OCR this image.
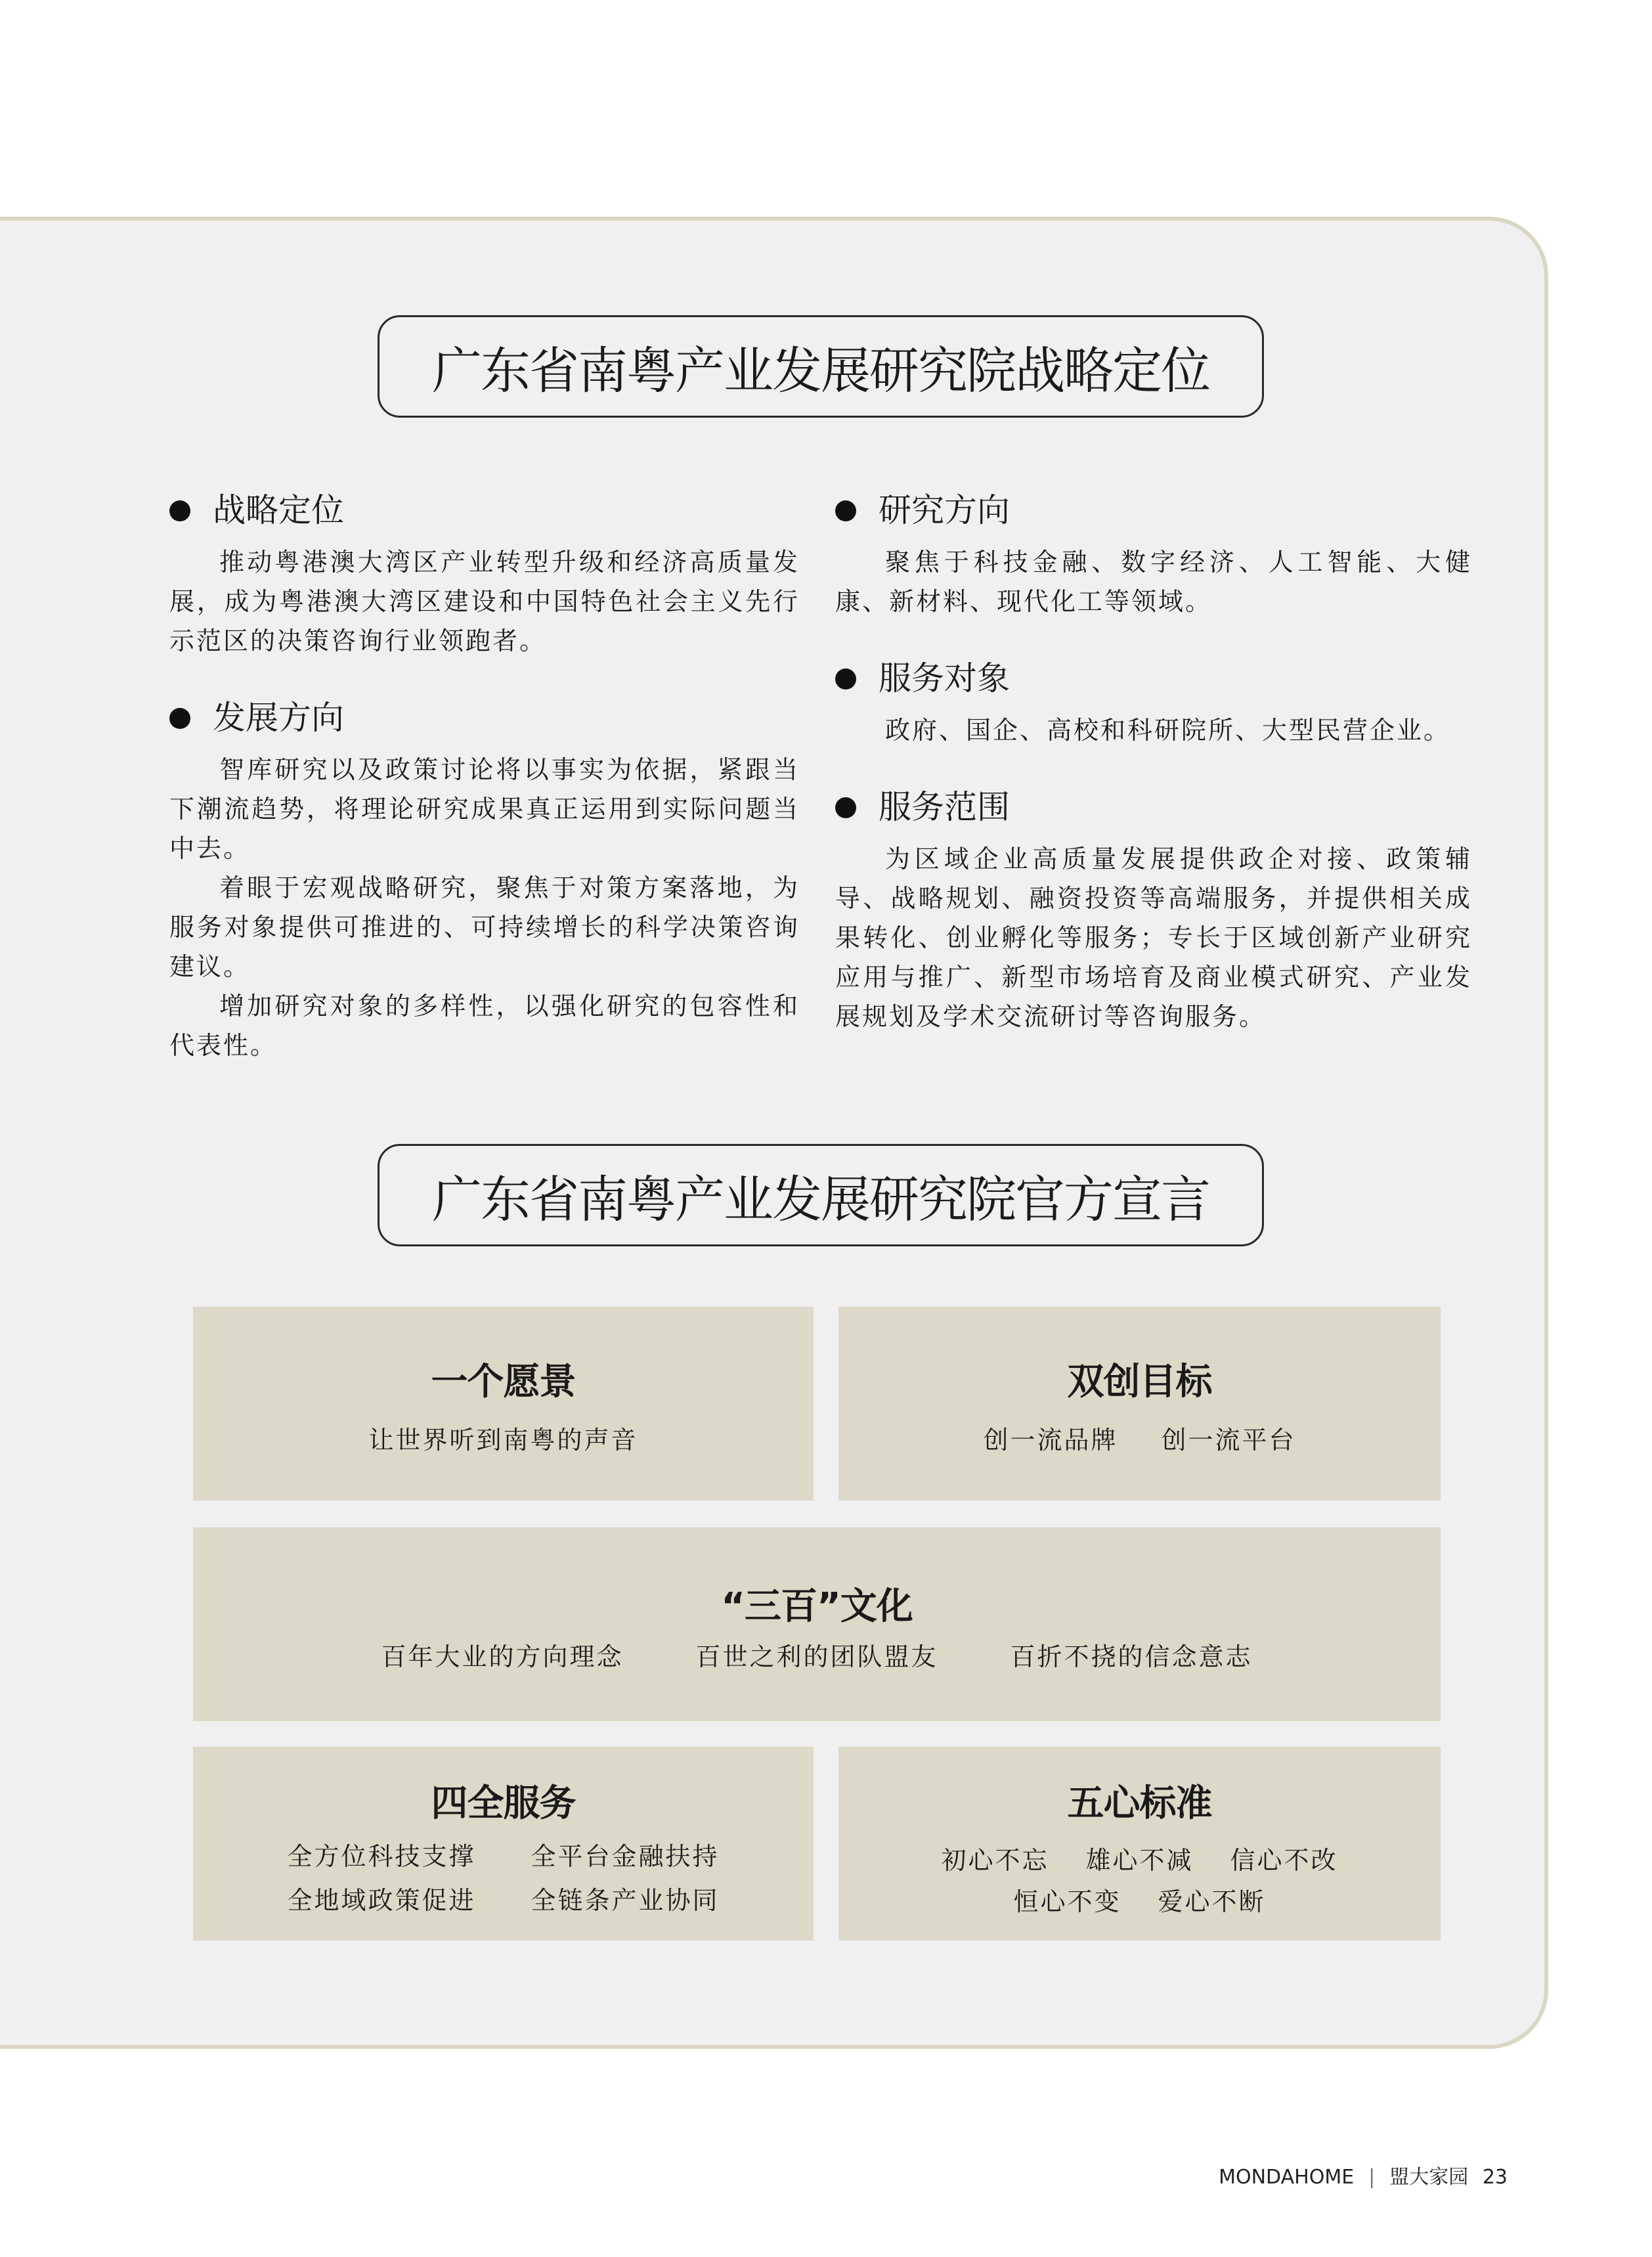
广东省南粤产业发展研究院战略定位
战略定位

推动粤港澳大湾区产业转型升级和经济高质量发展，成为粤港澳大湾区建设和中国特色社会主义先行示范区的决策咨询行业领跑者。

发展方向

智库研究以及政策讨论将以事实为依据，紧跟当下潮流趋势，将理论研究成果真正运用到实际问题当中去。

着眼于宏观战略研究，聚焦于对策方案落地，为服务对象提供可推进的、可持续增长的科学决策咨询建议。

增加研究对象的多样性，以强化研究的包容性和代表性。

研究方向

聚焦于科技金融、数字经济、人工智能、大健康、新材料、现代化工等领域。

服务对象

政府、国企、高校和科研院所、大型民营企业。

服务范围

为区域企业高质量发展提供政企对接、政策辅导、战略规划、融资投资等高端服务，并提供相关成果转化、创业孵化等服务；专长于区域创新产业研究应用与推广、新型市场培育及商业模式研究、产业发展规划及学术交流研讨等咨询服务。

广东省南粤产业发展研究院官方宣言
一个愿景
让世界听到南粤的声音
双创目标
创一流品牌 创一流平台
“三百”文化
百年大业的方向理念	百世之利的团队盟友	百折不挠的信念意志
四全服务
全方位科技支撑 全平台金融扶持
全地域政策促进 全链条产业协同
五心标准
初心不忘 雄心不减 信心不改
恒心不变 爱心不断
MONDAHOME | 盟大家园 23
